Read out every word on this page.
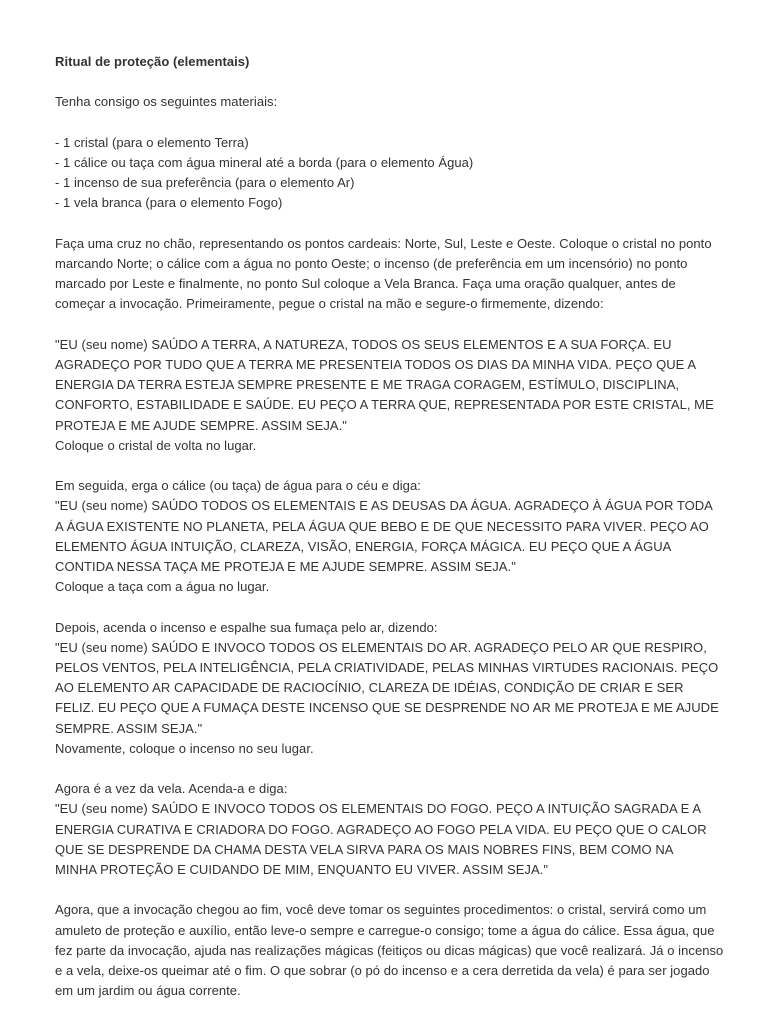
Ritual de proteção (elementais)
Tenha consigo os seguintes materiais:
- 1 cristal (para o elemento Terra)
- 1 cálice ou taça com água mineral até a borda (para o elemento Água)
- 1 incenso de sua preferência (para o elemento Ar)
- 1 vela branca (para o elemento Fogo)
Faça uma cruz no chão, representando os pontos cardeais: Norte, Sul, Leste e Oeste. Coloque o cristal no ponto
marcando Norte; o cálice com a água no ponto Oeste; o incenso (de preferência em um incensório) no ponto
marcado por Leste e finalmente, no ponto Sul coloque a Vela Branca. Faça uma oração qualquer, antes de
começar a invocação. Primeiramente, pegue o cristal na mão e segure-o firmemente, dizendo:
"EU (seu nome) SAÚDO A TERRA, A NATUREZA, TODOS OS SEUS ELEMENTOS E A SUA FORÇA. EU
AGRADEÇO POR TUDO QUE A TERRA ME PRESENTEIA TODOS OS DIAS DA MINHA VIDA. PEÇO QUE A
ENERGIA DA TERRA ESTEJA SEMPRE PRESENTE E ME TRAGA CORAGEM, ESTÍMULO, DISCIPLINA,
CONFORTO, ESTABILIDADE E SAÚDE. EU PEÇO A TERRA QUE, REPRESENTADA POR ESTE CRISTAL, ME
PROTEJA E ME AJUDE SEMPRE. ASSIM SEJA."
Coloque o cristal de volta no lugar.
Em seguida, erga o cálice (ou taça) de água para o céu e diga:
"EU (seu nome) SAÚDO TODOS OS ELEMENTAIS E AS DEUSAS DA ÁGUA. AGRADEÇO À ÁGUA POR TODA
A ÁGUA EXISTENTE NO PLANETA, PELA ÁGUA QUE BEBO E DE QUE NECESSITO PARA VIVER. PEÇO AO
ELEMENTO ÁGUA INTUIÇÃO, CLAREZA, VISÃO, ENERGIA, FORÇA MÁGICA. EU PEÇO QUE A ÁGUA
CONTIDA NESSA TAÇA ME PROTEJA E ME AJUDE SEMPRE. ASSIM SEJA."
Coloque a taça com a água no lugar.
Depois, acenda o incenso e espalhe sua fumaça pelo ar, dizendo:
"EU (seu nome) SAÚDO E INVOCO TODOS OS ELEMENTAIS DO AR. AGRADEÇO PELO AR QUE RESPIRO,
PELOS VENTOS, PELA INTELIGÊNCIA, PELA CRIATIVIDADE, PELAS MINHAS VIRTUDES RACIONAIS. PEÇO
AO ELEMENTO AR CAPACIDADE DE RACIOCÍNIO, CLAREZA DE IDÉIAS, CONDIÇÃO DE CRIAR E SER
FELIZ. EU PEÇO QUE A FUMAÇA DESTE INCENSO QUE SE DESPRENDE NO AR ME PROTEJA E ME AJUDE
SEMPRE. ASSIM SEJA."
Novamente, coloque o incenso no seu lugar.
Agora é a vez da vela. Acenda-a e diga:
"EU (seu nome) SAÚDO E INVOCO TODOS OS ELEMENTAIS DO FOGO. PEÇO A INTUIÇÃO SAGRADA E A
ENERGIA CURATIVA E CRIADORA DO FOGO. AGRADEÇO AO FOGO PELA VIDA. EU PEÇO QUE O CALOR
QUE SE DESPRENDE DA CHAMA DESTA VELA SIRVA PARA OS MAIS NOBRES FINS, BEM COMO NA
MINHA PROTEÇÃO E CUIDANDO DE MIM, ENQUANTO EU VIVER. ASSIM SEJA."
Agora, que a invocação chegou ao fim, você deve tomar os seguintes procedimentos: o cristal, servirá como um
amuleto de proteção e auxílio, então leve-o sempre e carregue-o consigo; tome a água do cálice. Essa água, que
fez parte da invocação, ajuda nas realizações mágicas (feitiços ou dicas mágicas) que você realizará. Já o incenso
e a vela, deixe-os queimar até o fim. O que sobrar (o pó do incenso e a cera derretida da vela) é para ser jogado
em um jardim ou água corrente.
